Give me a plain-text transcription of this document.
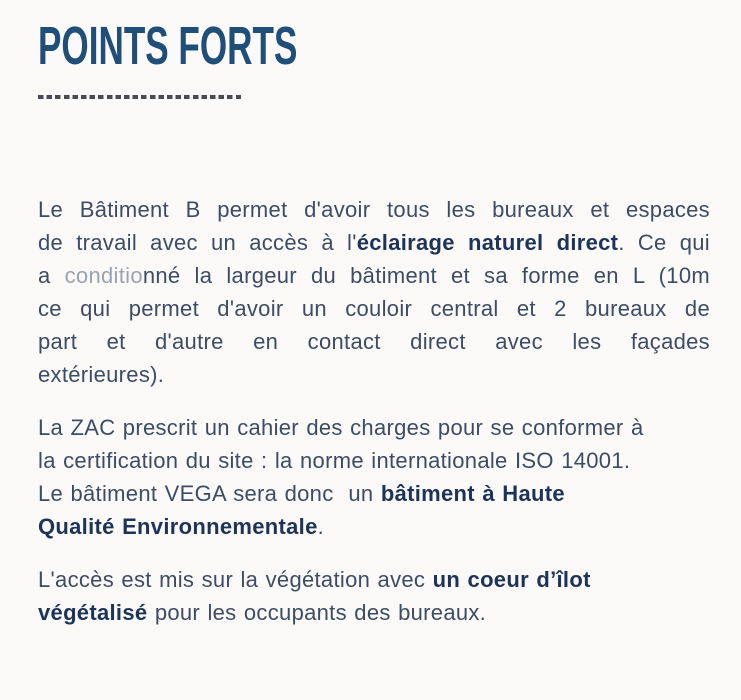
POINTS FORTS

Le Bâtiment B permet d'avoir tous les bureaux et espaces
de travail avec un accès à l'éclairage naturel direct. Ce qui
a conditionné la largeur du bâtiment et sa forme en L (10m
ce qui permet d'avoir un couloir central et 2 bureaux de
part et d'autre en contact direct avec les façades
extérieures).

La ZAC prescrit un cahier des charges pour se conformer à
la certification du site : la norme internationale ISO 14001.
Le bâtiment VEGA sera donc  un bâtiment à Haute
Qualité Environnementale.

L'accès est mis sur la végétation avec un coeur d’îlot
végétalisé pour les occupants des bureaux.
